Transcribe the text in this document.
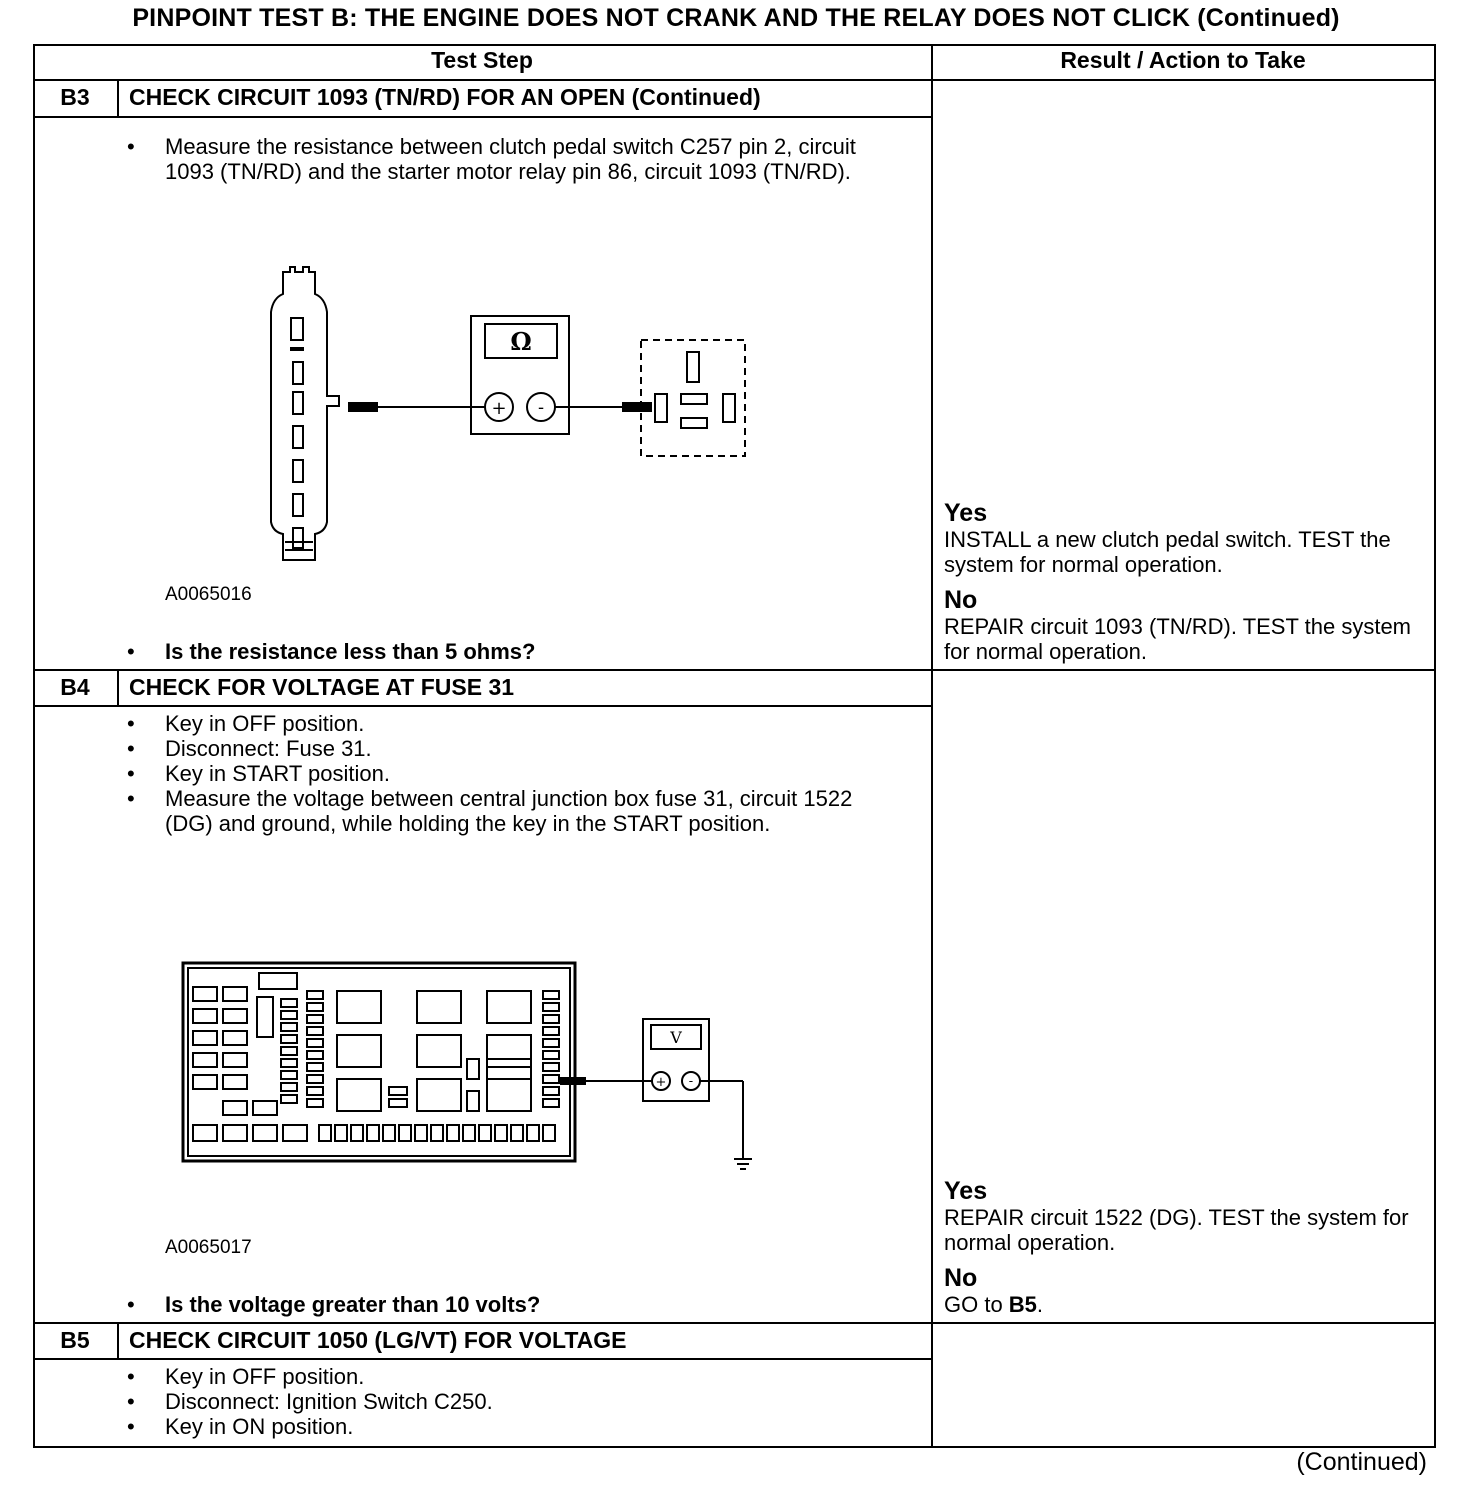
PINPOINT TEST B: THE ENGINE DOES NOT CRANK AND THE RELAY DOES NOT CLICK (Continued)
Test Step	Result / Action to Take
B3	CHECK CIRCUIT 1093 (TN/RD) FOR AN OPEN (Continued)
• Measure the resistance between clutch pedal switch C257 pin 2, circuit 1093 (TN/RD) and the starter motor relay pin 86, circuit 1093 (TN/RD).
Ω
+ -
A0065016
• Is the resistance less than 5 ohms?
Yes
INSTALL a new clutch pedal switch. TEST the system for normal operation.
No
REPAIR circuit 1093 (TN/RD). TEST the system for normal operation.
B4	CHECK FOR VOLTAGE AT FUSE 31
• Key in OFF position.
• Disconnect: Fuse 31.
• Key in START position.
• Measure the voltage between central junction box fuse 31, circuit 1522 (DG) and ground, while holding the key in the START position.
V
+ -
A0065017
• Is the voltage greater than 10 volts?
Yes
REPAIR circuit 1522 (DG). TEST the system for normal operation.
No
GO to B5.
B5	CHECK CIRCUIT 1050 (LG/VT) FOR VOLTAGE
• Key in OFF position.
• Disconnect: Ignition Switch C250.
• Key in ON position.
(Continued)
